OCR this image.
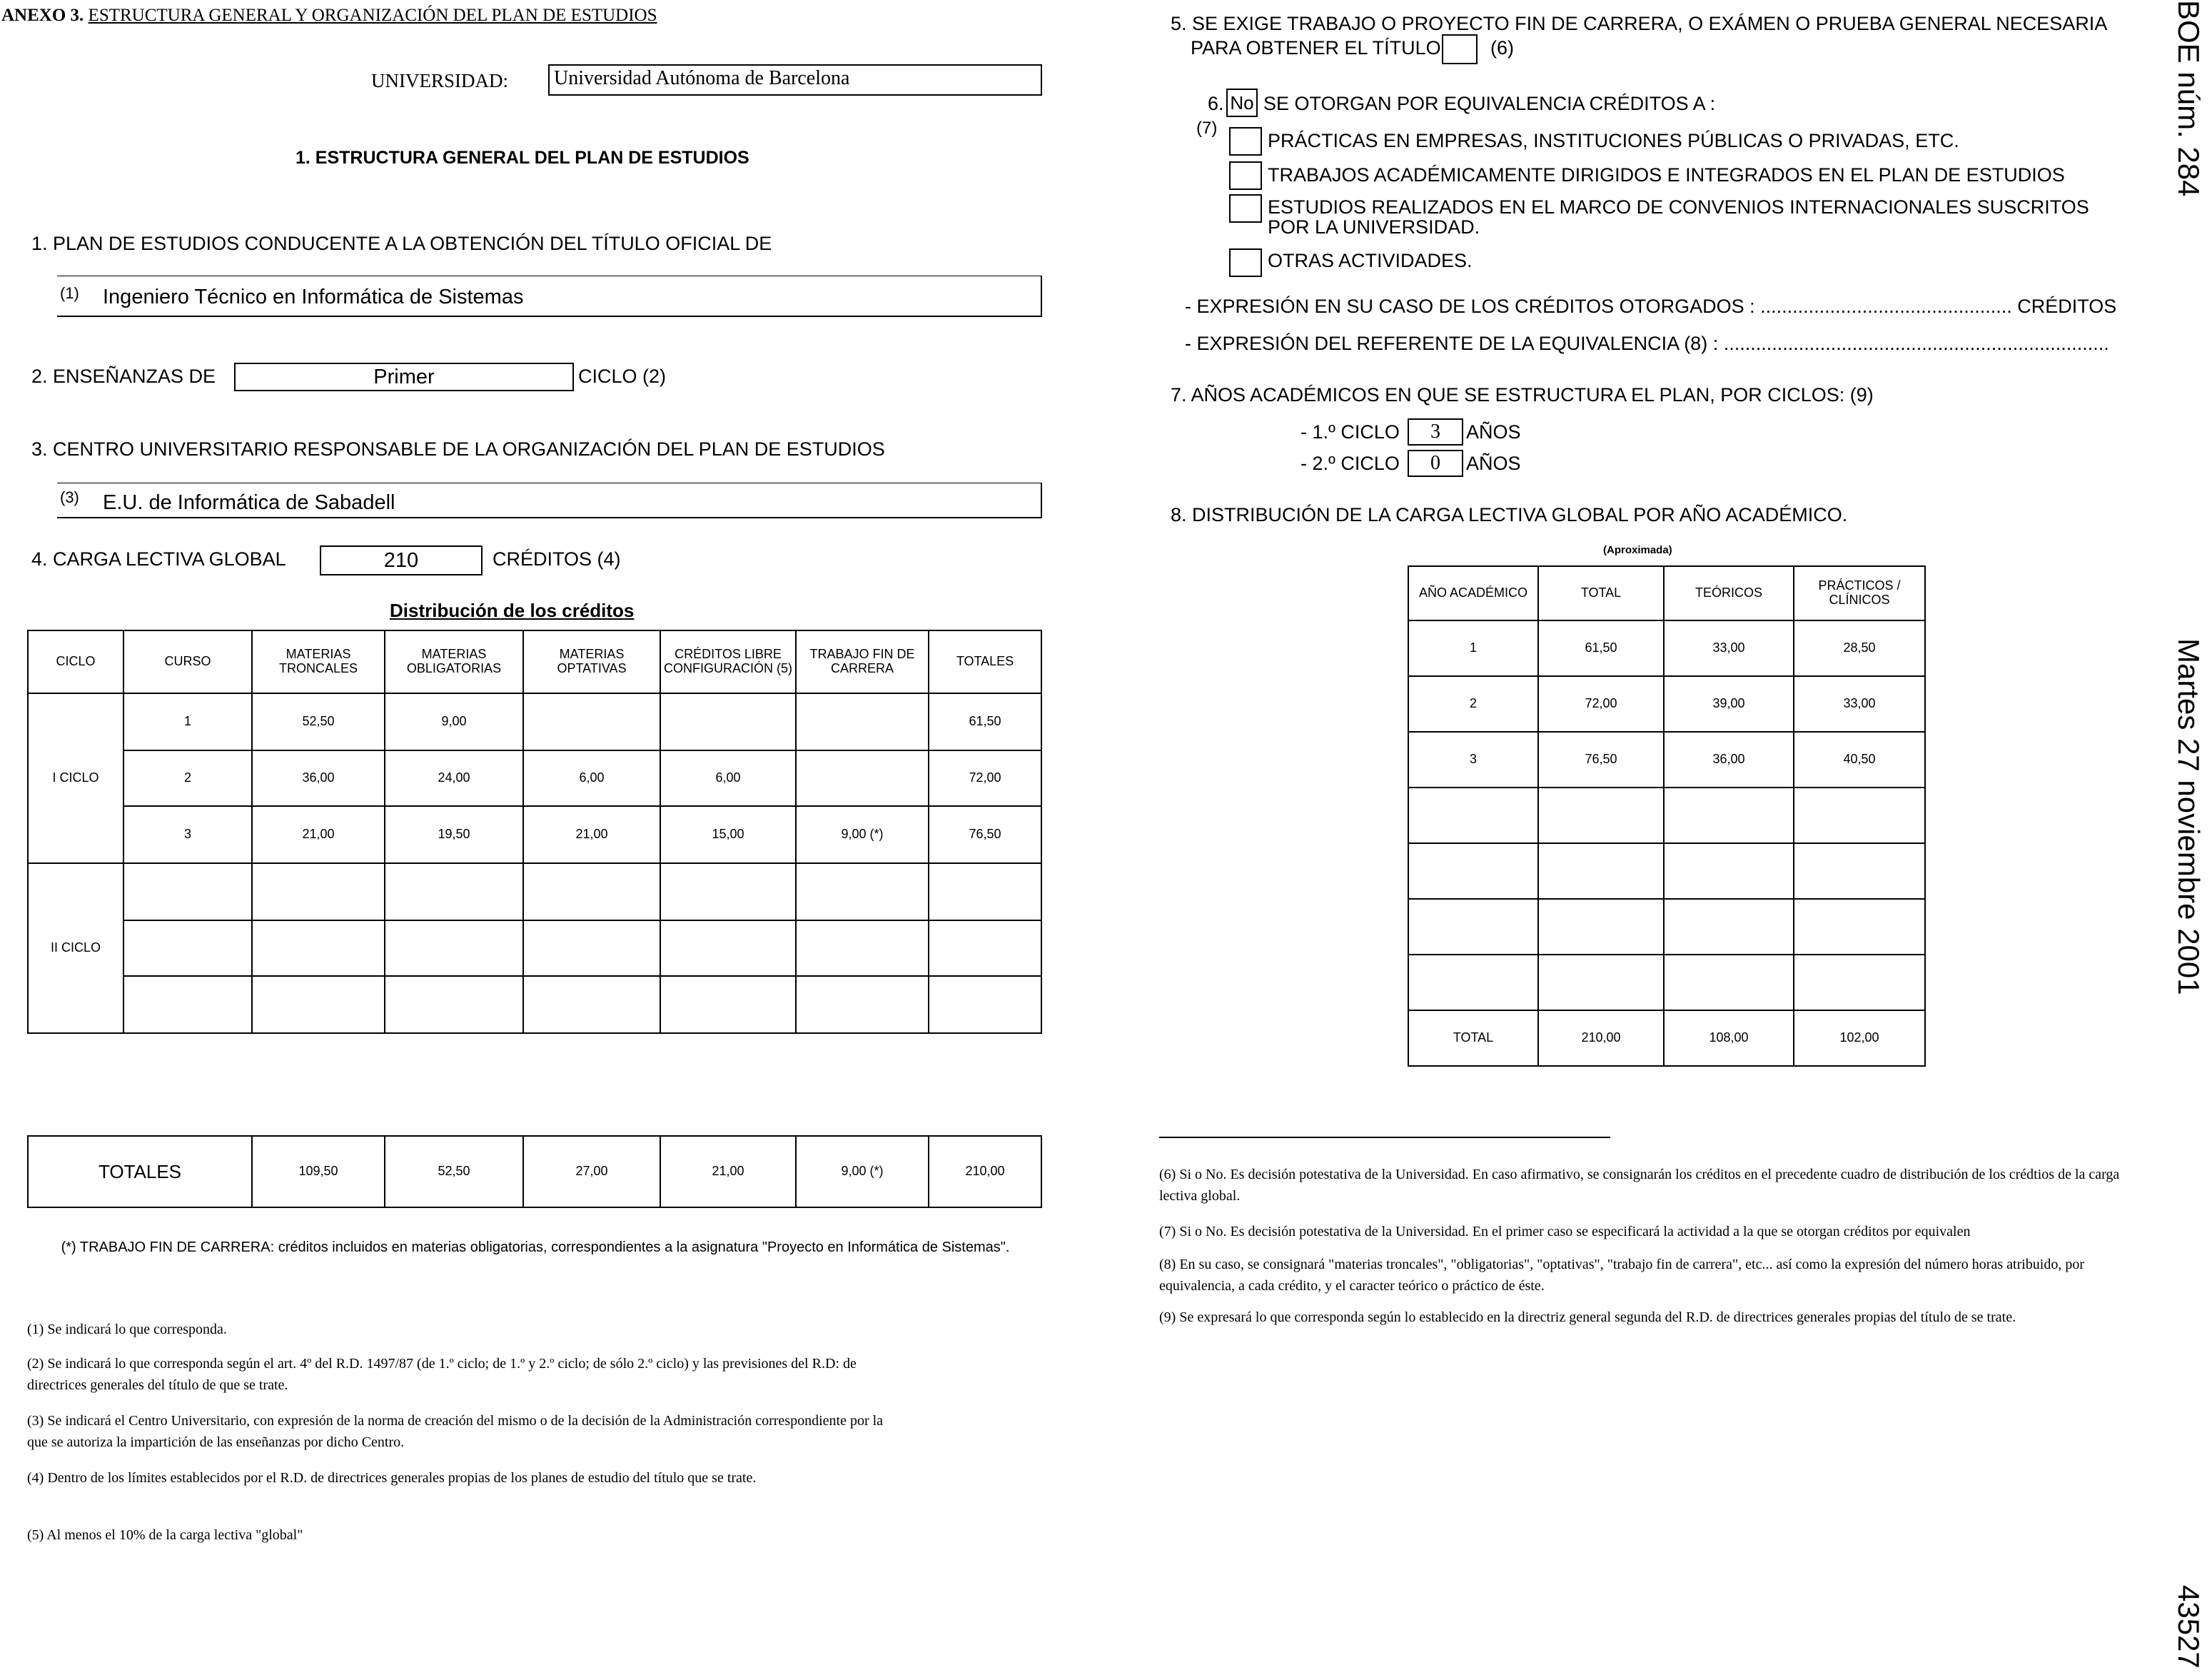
ANEXO 3. ESTRUCTURA GENERAL Y ORGANIZACIÓN DEL PLAN DE ESTUDIOS
UNIVERSIDAD: Universidad Autónoma de Barcelona
1. ESTRUCTURA GENERAL DEL PLAN DE ESTUDIOS
1. PLAN DE ESTUDIOS CONDUCENTE A LA OBTENCIÓN DEL TÍTULO OFICIAL DE
(1) Ingeniero Técnico en Informática de Sistemas
2. ENSEÑANZAS DE	Primer	CICLO (2)
3. CENTRO UNIVERSITARIO RESPONSABLE DE LA ORGANIZACIÓN DEL PLAN DE ESTUDIOS
(3) E.U. de Informática de Sabadell
4. CARGA LECTIVA GLOBAL	210	CRÉDITOS (4)
Distribución de los créditos
CICLO	CURSO	MATERIAS TRONCALES	MATERIAS OBLIGATORIAS	MATERIAS OPTATIVAS	CRÉDITOS LIBRE CONFIGURACIÓN (5)	TRABAJO FIN DE CARRERA	TOTALES
I CICLO	1	52,50	9,00				61,50
	2	36,00	24,00	6,00	6,00		72,00
	3	21,00	19,50	21,00	15,00	9,00 (*)	76,50
II CICLO							

TOTALES	109,50	52,50	27,00	21,00	9,00 (*)	210,00
(*) TRABAJO FIN DE CARRERA: créditos incluidos en materias obligatorias, correspondientes a la asignatura "Proyecto en Informática de Sistemas".
(1) Se indicará lo que corresponda.
(2) Se indicará lo que corresponda según el art. 4º del R.D. 1497/87 (de 1.º ciclo; de 1.º y 2.º ciclo; de sólo 2.º ciclo) y las previsiones del R.D: de directrices generales del título de que se trate.
(3) Se indicará el Centro Universitario, con expresión de la norma de creación del mismo o de la decisión de la Administración correspondiente por la que se autoriza la impartición de las enseñanzas por dicho Centro.
(4) Dentro de los límites establecidos por el R.D. de directrices generales propias de los planes de estudio del título que se trate.
(5) Al menos el 10% de la carga lectiva "global"
5. SE EXIGE TRABAJO O PROYECTO FIN DE CARRERA, O EXÁMEN O PRUEBA GENERAL NECESARIA
PARA OBTENER EL TÍTULO	(6)
6. No SE OTORGAN POR EQUIVALENCIA CRÉDITOS A :
(7)
PRÁCTICAS EN EMPRESAS, INSTITUCIONES PÚBLICAS O PRIVADAS, ETC.
TRABAJOS ACADÉMICAMENTE DIRIGIDOS E INTEGRADOS EN EL PLAN DE ESTUDIOS
ESTUDIOS REALIZADOS EN EL MARCO DE CONVENIOS INTERNACIONALES SUSCRITOS POR LA UNIVERSIDAD.
OTRAS ACTIVIDADES.
- EXPRESIÓN EN SU CASO DE LOS CRÉDITOS OTORGADOS : ............................................... CRÉDITOS
- EXPRESIÓN DEL REFERENTE DE LA EQUIVALENCIA (8) : ........................................................................
7. AÑOS ACADÉMICOS EN QUE SE ESTRUCTURA EL PLAN, POR CICLOS: (9)
- 1.º CICLO	3	AÑOS
- 2.º CICLO	0	AÑOS
8. DISTRIBUCIÓN DE LA CARGA LECTIVA GLOBAL POR AÑO ACADÉMICO.
(Aproximada)
AÑO ACADÉMICO	TOTAL	TEÓRICOS	PRÁCTICOS / CLÍNICOS
1	61,50	33,00	28,50
2	72,00	39,00	33,00
3	76,50	36,00	40,50

TOTAL	210,00	108,00	102,00
(6) Si o No. Es decisión potestativa de la Universidad. En caso afirmativo, se consignarán los créditos en el precedente cuadro de distribución de los crédtios de la carga lectiva global.
(7) Si o No. Es decisión potestativa de la Universidad. En el primer caso se especificará la actividad a la que se otorgan créditos por equivalen
(8) En su caso, se consignará "materias troncales", "obligatorias", "optativas", "trabajo fin de carrera", etc... así como la expresión del número horas atribuido, por equivalencia, a cada crédito, y el caracter teórico o práctico de éste.
(9) Se expresará lo que corresponda según lo establecido en la directriz general segunda del R.D. de directrices generales propias del título de se trate.
BOE núm. 284
Martes 27 noviembre 2001
43527
